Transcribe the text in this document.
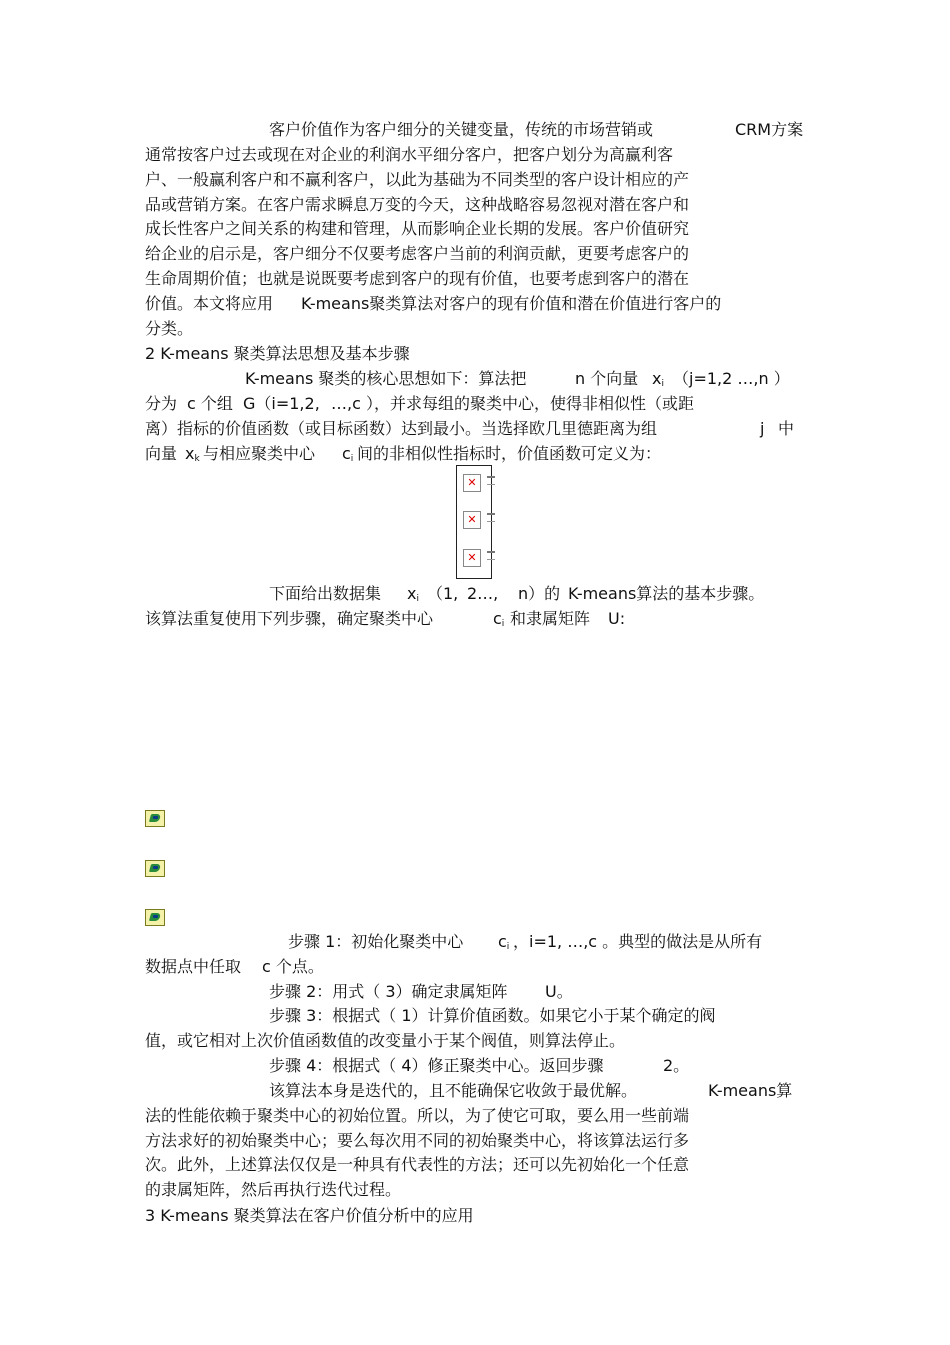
客户价值作为客户细分的关键变量，传统的市场营销或	CRM方案
通常按客户过去或现在对企业的利润水平细分客户，把客户划分为高赢利客
户、一般赢利客户和不赢利客户，以此为基础为不同类型的客户设计相应的产
品或营销方案。在客户需求瞬息万变的今天，这种战略容易忽视对潜在客户和
成长性客户之间关系的构建和管理，从而影响企业长期的发展。客户价值研究
给企业的启示是，客户细分不仅要考虑客户当前的利润贡献，更要考虑客户的
生命周期价值；也就是说既要考虑到客户的现有价值，也要考虑到客户的潜在
价值。本文将应用 K-means聚类算法对客户的现有价值和潜在价值进行客户的
分类。
2 K-means 聚类算法思想及基本步骤
K-means 聚类的核心思想如下：算法把	n 个向量 $x_i$ （j=1,2 …,n ）
分为 c 个组 G（i=1,2, …,c ），并求每组的聚类中心，使得非相似性（或距
离）指标的价值函数（或目标函数）达到最小。当选择欧几里德距离为组	j 中
向量 $x_k$ 与相应聚类中心 $c_i$ 间的非相似性指标时，价值函数可定义为：
✕
✕
✕
下面给出数据集 $x_i$ （1, 2…, n）的 K-means算法的基本步骤。
该算法重复使用下列步骤，确定聚类中心	$c_i$ 和隶属矩阵 U:
步骤 1：初始化聚类中心 $c_i$ ，i=1, …,c 。典型的做法是从所有
数据点中任取 c 个点。
步骤 2：用式（ 3）确定隶属矩阵 U。
步骤 3：根据式（ 1）计算价值函数。如果它小于某个确定的阀
值，或它相对上次价值函数值的改变量小于某个阀值，则算法停止。
步骤 4：根据式（ 4）修正聚类中心。返回步骤	2。
该算法本身是迭代的，且不能确保它收敛于最优解。	K-means算
法的性能依赖于聚类中心的初始位置。所以，为了使它可取，要么用一些前端
方法求好的初始聚类中心；要么每次用不同的初始聚类中心，将该算法运行多
次。此外，上述算法仅仅是一种具有代表性的方法；还可以先初始化一个任意
的隶属矩阵，然后再执行迭代过程。
3 K-means 聚类算法在客户价值分析中的应用
